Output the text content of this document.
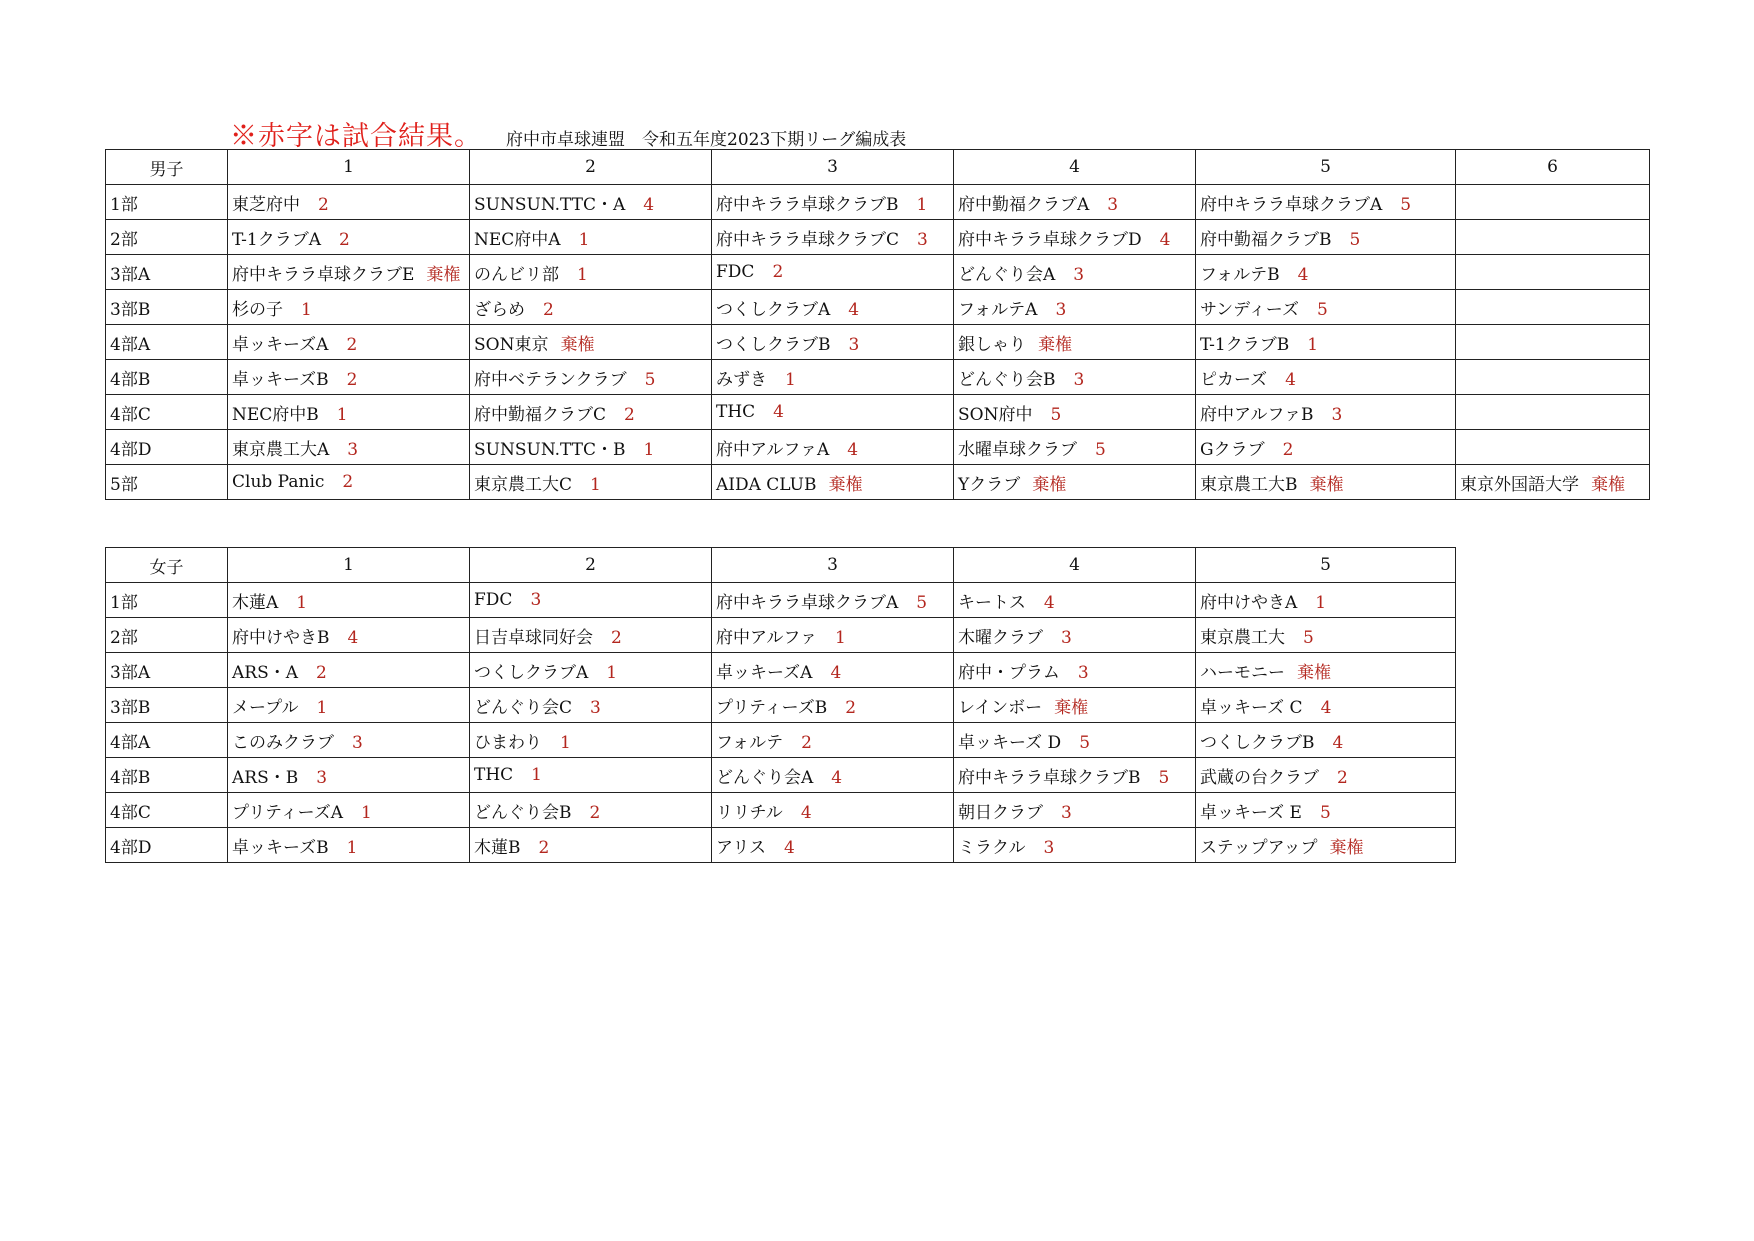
※赤字は試合結果。 府中市卓球連盟　令和五年度2023下期リーグ編成表
男子	1	2	3	4	5	6
1部	東芝府中 2	SUNSUN.TTC・A 4	府中キララ卓球クラブB 1	府中勤福クラブA 3	府中キララ卓球クラブA 5	
2部	T-1クラブA 2	NEC府中A 1	府中キララ卓球クラブC 3	府中キララ卓球クラブD 4	府中勤福クラブB 5	
3部A	府中キララ卓球クラブE 棄権	のんビリ部 1	FDC 2	どんぐり会A 3	フォルテB 4	
3部B	杉の子 1	ざらめ 2	つくしクラブA 4	フォルテA 3	サンディーズ 5	
4部A	卓ッキーズA 2	SON東京 棄権	つくしクラブB 3	銀しゃり 棄権	T-1クラブB 1	
4部B	卓ッキーズB 2	府中ベテランクラブ 5	みずき 1	どんぐり会B 3	ピカーズ 4	
4部C	NEC府中B 1	府中勤福クラブC 2	THC 4	SON府中 5	府中アルファB 3	
4部D	東京農工大A 3	SUNSUN.TTC・B 1	府中アルファA 4	水曜卓球クラブ 5	Gクラブ 2	
5部	Club Panic 2	東京農工大C 1	AIDA CLUB 棄権	Yクラブ 棄権	東京農工大B 棄権	東京外国語大学 棄権
女子	1	2	3	4	5
1部	木蓮A 1	FDC 3	府中キララ卓球クラブA 5	キートス 4	府中けやきA 1
2部	府中けやきB 4	日吉卓球同好会 2	府中アルファ 1	木曜クラブ 3	東京農工大 5
3部A	ARS・A 2	つくしクラブA 1	卓ッキーズA 4	府中・プラム 3	ハーモニー 棄権
3部B	メープル 1	どんぐり会C 3	プリティーズB 2	レインボー 棄権	卓ッキーズ C 4
4部A	このみクラブ 3	ひまわり 1	フォルテ 2	卓ッキーズ D 5	つくしクラブB 4
4部B	ARS・B 3	THC 1	どんぐり会A 4	府中キララ卓球クラブB 5	武蔵の台クラブ 2
4部C	プリティーズA 1	どんぐり会B 2	リリチル 4	朝日クラブ 3	卓ッキーズ E 5
4部D	卓ッキーズB 1	木蓮B 2	アリス 4	ミラクル 3	ステップアップ 棄権
